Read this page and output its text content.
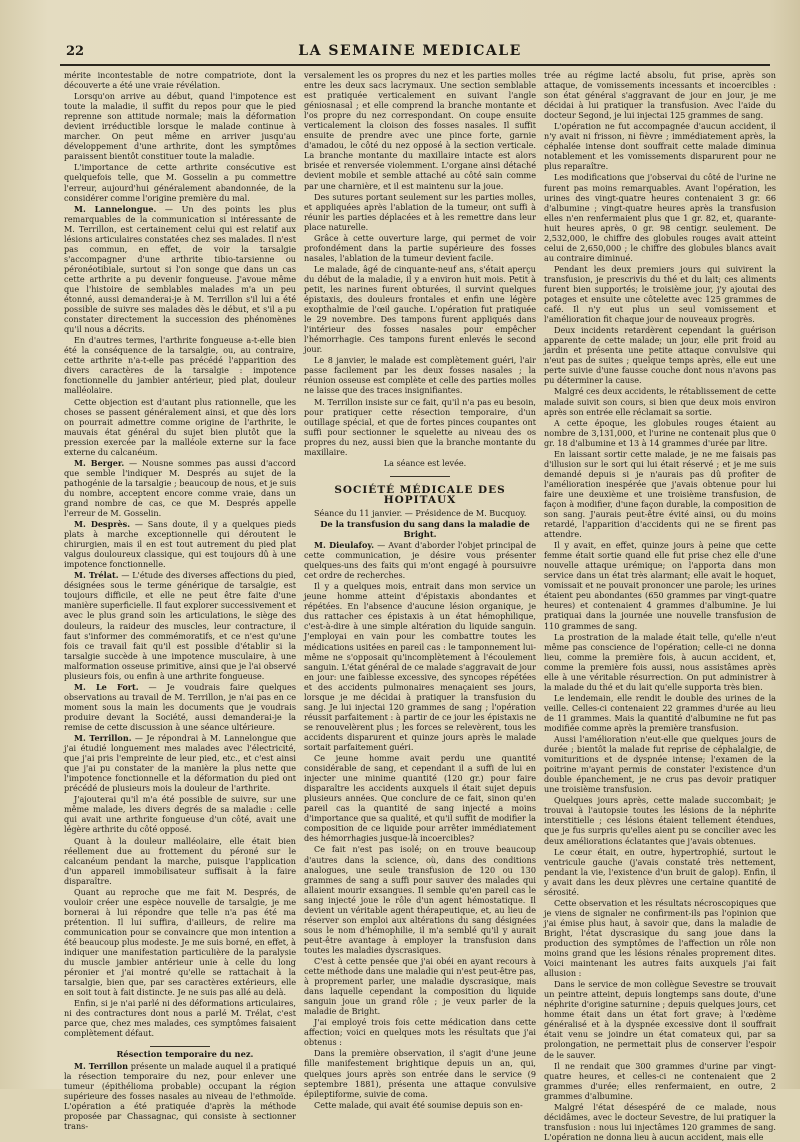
22	LA SEMAINE MEDICALE

mérite incontestable de notre compatriote, dont la découverte a été une vraie révélation.

Lorsqu'on arrive au début, quand l'impotence est toute la maladie, il suffit du repos pour que le pied reprenne son attitude normale; mais la déformation devient irréductible lorsque le malade continue à marcher. On peut même en arriver jusqu'au développement d'une arthrite, dont les symptômes paraissent bientôt constituer toute la maladie.

L'importance de cette arthrite consécutive est quelquefois telle, que M. Gosselin a pu commettre l'erreur, aujourd'hui généralement abandonnée, de la considérer comme l'origine première du mal.

M. Lannelongue. — Un des points les plus remarquables de la communication si intéressante de M. Terrillon, est certainement celui qui est relatif aux lésions articulaires constatées chez ses malades. Il n'est pas commun, en effet, de voir la tarsalgie s'accompagner d'une arthrite tibio-tarsienne ou péronéotibiale, surtout si l'on songe que dans un cas cette arthrite a pu devenir fongueuse. J'avoue même que l'histoire de semblables malades m'a un peu étonné, aussi demanderai-je à M. Terrillon s'il lui a été possible de suivre ses malades dès le début, et s'il a pu constater directement la succession des phénomènes qu'il nous a décrits.

En d'autres termes, l'arthrite fongueuse a-t-elle bien été la conséquence de la tarsalgie, ou, au contraire, cette arthrite n'a-t-elle pas précédé l'apparition des divers caractères de la tarsalgie : impotence fonctionnelle du jambier antérieur, pied plat, douleur malléolaire.

Cette objection est d'autant plus rationnelle, que les choses se passent généralement ainsi, et que dès lors on pourrait admettre comme origine de l'arthrite, le mauvais état général du sujet bien plutôt que la pression exercée par la malléole externe sur la face externe du calcanéum.

M. Berger. — Nousne sommes pas aussi d'accord que semble l'indiquer M. Després au sujet de la pathogénie de la tarsalgie ; beaucoup de nous, et je suis du nombre, acceptent encore comme vraie, dans un grand nombre de cas, ce que M. Després appelle l'erreur de M. Gosselin.

M. Desprès. — Sans doute, il y a quelques pieds plats à marche exceptionnelle qui déroutent le chirurgien, mais il en est tout autrement du pied plat valgus douloureux classique, qui est toujours dû à une impotence fonctionnelle.

M. Trélat. — L'étude des diverses affections du pied, désignées sous le terme générique de tarsalgie, est toujours difficile, et elle ne peut être faite d'une manière superficielle. Il faut explorer successivement et avec le plus grand soin les articulations, le siège des douleurs, la raideur des muscles, leur contracture, il faut s'informer des commémoratifs, et ce n'est qu'une fois ce travail fait qu'il est possible d'établir si la tarsalgie succède à une impotence musculaire, à une malformation osseuse primitive, ainsi que je l'ai observé plusieurs fois, ou enfin à une arthrite fongueuse.

M. Le Fort. — Je voudrais faire quelques observations au travail de M. Terrillon, je n'ai pas en ce moment sous la main les documents que je voudrais produire devant la Société, aussi demanderai-je la remise de cette discussion à une séance ultérieure.

M. Terrillon. — Je répondrai à M. Lannelongue que j'ai étudié longuement mes malades avec l'électricité, que j'ai pris l'empreinte de leur pied, etc., et c'est ainsi que j'ai pu constater de la manière la plus nette que l'impotence fonctionnelle et la déformation du pied ont précédé de plusieurs mois la douleur de l'arthrite.

J'ajouterai qu'il m'a été possible de suivre, sur une même malade, les divers degrés de sa maladie : celle qui avait une arthrite fongueuse d'un côté, avait une légère arthrite du côté opposé.

Quant à la douleur malléolaire, elle était bien réellement due au frottement du péroné sur le calcanéum pendant la marche, puisque l'application d'un appareil immobilisateur suffisait à la faire disparaître.

Quant au reproche que me fait M. Després, de vouloir créer une espèce nouvelle de tarsalgie, je me bornerai à lui répondre que telle n'a pas été ma prétention. Il lui suffira, d'ailleurs, de relire ma communication pour se convaincre que mon intention a été beaucoup plus modeste. Je me suis borné, en effet, à indiquer une manifestation particulière de la paralysie du muscle jambier antérieur unie à celle du long péronier et j'ai montré qu'elle se rattachait à la tarsalgie, bien que, par ses caractères extérieurs, elle en soit tout à fait distincte. Je ne suis pas allé au delà.

Enfin, si je n'ai parlé ni des déformations articulaires, ni des contractures dont nous a parlé M. Trélat, c'est parce que, chez mes malades, ces symptômes faisaient complètement défaut.

Résection temporaire du nez.

M. Terrillon présente un malade auquel il a pratiqué la résection temporaire du nez, pour enlever une tumeur (épithélioma probable) occupant la région supérieure des fosses nasales au niveau de l'ethmoïde. L'opération a été pratiquée d'après la méthode proposée par Chassagnac, qui consiste à sectionner trans-

versalement les os propres du nez et les parties molles entre les deux sacs lacrymaux. Une section semblable est pratiquée verticalement en suivant l'angle géniosnasal ; et elle comprend la branche montante et l'os propre du nez correspondant. On coupe ensuite verticalement la cloison des fosses nasales. Il suffit ensuite de prendre avec une pince forte, garnie d'amadou, le côté du nez opposé à la section verticale. La branche montante du maxillaire intacte est alors brisée et renversée violemment. L'organe ainsi détaché devient mobile et semble attaché au côté sain comme par une charnière, et il est maintenu sur la joue.

Des sutures portant seulement sur les parties molles, et appliquées après l'ablation de la tumeur, ont suffi à réunir les parties déplacées et à les remettre dans leur place naturelle.

Grâce à cette ouverture large, qui permet de voir profondément dans la partie supérieure des fosses nasales, l'ablation de la tumeur devient facile.

Le malade, âgé de cinquante-neuf ans, s'était aperçu du début de la maladie, il y a environ huit mois. Petit à petit, les narines furent obturées, il survint quelques épistaxis, des douleurs frontales et enfin une légère exopthalmie de l'œil gauche. L'opération fut pratiquée le 29 novembre. Des tampons furent appliqués dans l'intérieur des fosses nasales pour empêcher l'hémorrhagie. Ces tampons furent enlevés le second jour.

Le 8 janvier, le malade est complètement guéri, l'air passe facilement par les deux fosses nasales ; la réunion osseuse est complète et celle des parties molles ne laisse que des traces insignifiantes.

M. Terrillon insiste sur ce fait, qu'il n'a pas eu besoin, pour pratiquer cette résection temporaire, d'un outillage spécial, et que de fortes pinces coupantes ont suffi pour sectionner le squelette au niveau des os propres du nez, aussi bien que la branche montante du maxillaire.

La séance est levée.

SOCIÉTÉ MÉDICALE DES HOPITAUX

Séance du 11 janvier. — Présidence de M. Bucquoy.

De la transfusion du sang dans la maladie de Bright.

M. Dieulafoy. — Avant d'aborder l'objet principal de cette communication, je désire vous présenter quelques-uns des faits qui m'ont engagé à poursuivre cet ordre de recherches.

Il y a quelques mois, entrait dans mon service un jeune homme atteint d'épistaxis abondantes et répétées. En l'absence d'aucune lésion organique, je dus rattacher ces épistaxis à un état hémophilique, c'est-à-dire à une simple altération du liquide sanguin. J'employai en vain pour les combattre toutes les médications usitées en pareil cas : le tamponnement lui-même ne s'opposait qu'incomplètement à l'écoulement sanguin. L'état général de ce malade s'aggravait de jour en jour: une faiblesse excessive, des syncopes répétées et des accidents pulmonaires menaçaient ses jours, lorsque je me décidai à pratiquer la transfusion du sang. Je lui injectai 120 grammes de sang ; l'opération réussit parfaitement : à partir de ce jour les épistaxis ne se renouvelèrent plus ; les forces se relevèrent, tous les accidents disparurent et quinze jours après le malade sortait parfaitement guéri.

Ce jeune homme avait perdu une quantité considérable de sang, et cependant il a suffi de lui en injecter une minime quantité (120 gr.) pour faire disparaître les accidents auxquels il était sujet depuis plusieurs années. Que conclure de ce fait, sinon qu'en pareil cas la quantité de sang injecté a moins d'importance que sa qualité, et qu'il suffit de modifier la composition de ce liquide pour arrêter immédiatement des hémorrhagies jusque-là incoercibles?

Ce fait n'est pas isolé; on en trouve beaucoup d'autres dans la science, où, dans des conditions analogues, une seule transfusion de 120 ou 130 grammes de sang a suffi pour sauver des malades qui allaient mourir exsangues. Il semble qu'en pareil cas le sang injecté joue le rôle d'un agent hémostatique. Il devient un véritable agent thérapeutique, et, au lieu de réserver son emploi aux altérations du sang désignées sous le nom d'hémophilie, il m'a semblé qu'il y aurait peut-être avantage à employer la transfusion dans toutes les maladies dyscrasiques.

C'est à cette pensée que j'ai obéi en ayant recours à cette méthode dans une maladie qui n'est peut-être pas, à proprement parler, une maladie dyscrasique, mais dans laquelle cependant la composition du liquide sanguin joue un grand rôle ; je veux parler de la maladie de Bright.

J'ai employé trois fois cette médication dans cette affection; voici en quelques mots les résultats que j'ai obtenus :

Dans la première observation, il s'agit d'une jeune fille manifestement brightique depuis un an, qui, quelques jours après son entrée dans le service (9 septembre 1881), présenta une attaque convulsive épileptiforme, suivie de coma.

Cette malade, qui avait été soumise depuis son en-

trée au régime lacté absolu, fut prise, après son attaque, de vomissements incessants et incoercibles : son état général s'aggravant de jour en jour, je me décidai à lui pratiquer la transfusion. Avec l'aide du docteur Segond, je lui injectai 125 grammes de sang.

L'opération ne fut accompagnée d'aucun accident, il n'y avait ni frisson, ni fièvre ; immédiatement après, la céphalée intense dont souffrait cette malade diminua notablement et les vomissements disparurent pour ne plus reparaître.

Les modifications que j'observai du côté de l'urine ne furent pas moins remarquables. Avant l'opération, les urines des vingt-quatre heures contenaient 3 gr. 66 d'albumine ; vingt-quatre heures après la transfusion elles n'en renfermaient plus que 1 gr. 82, et, quarante-huit heures après, 0 gr. 98 centigr. seulement. De 2,532,000, le chiffre des globules rouges avait atteint celui de 2,650,000 ; le chiffre des globules blancs avait au contraire diminué.

Pendant les deux premiers jours qui suivirent la transfusion, je prescrivis du thé et du lait; ces aliments furent bien supportés; le troisième jour, j'y ajoutai des potages et ensuite une côtelette avec 125 grammes de café. Il n'y eut plus un seul vomissement et l'amélioration fit chaque jour de nouveaux progrès.

Deux incidents retardèrent cependant la guérison apparente de cette malade; un jour, elle prit froid au jardin et présenta une petite attaque convulsive qui n'eut pas de suites ; quelque temps après, elle eut une perte suivie d'une fausse couche dont nous n'avons pas pu déterminer la cause.

Malgré ces deux accidents, le rétablissement de cette malade suivit son cours, si bien que deux mois environ après son entrée elle réclamait sa sortie.

A cette époque, les globules rouges étaient au nombre de 3,131,000, et l'urine ne contenait plus que 0 gr. 18 d'albumine et 13 à 14 grammes d'urée par litre.

En laissant sortir cette malade, je ne me faisais pas d'illusion sur le sort qui lui était réservé ; et je me suis demandé depuis si je n'aurais pas dû profiter de l'amélioration inespérée que j'avais obtenue pour lui faire une deuxième et une troisième transfusion, de façon à modifier, d'une façon durable, la composition de son sang. J'aurais peut-être évité ainsi, ou du moins retardé, l'apparition d'accidents qui ne se firent pas attendre.

Il y avait, en effet, quinze jours à peine que cette femme était sortie quand elle fut prise chez elle d'une nouvelle attaque urémique; on l'apporta dans mon service dans un état très alarmant; elle avait le hoquet, vomissait et ne pouvait prononcer une parole; les urines étaient peu abondantes (650 grammes par vingt-quatre heures) et contenaient 4 grammes d'albumine. Je lui pratiquai dans la journée une nouvelle transfusion de 110 grammes de sang.

La prostration de la malade était telle, qu'elle n'eut même pas conscience de l'opération; celle-ci ne donna lieu, comme la première fois, à aucun accident, et, comme la première fois aussi, nous assistâmes après elle à une véritable résurrection. On put administrer à la malade du thé et du lait qu'elle supporta très bien.

Le lendemain, elle rendit le double des urines de la veille. Celles-ci contenaient 22 grammes d'urée au lieu de 11 grammes. Mais la quantité d'albumine ne fut pas modifiée comme après la première transfusion.

Aussi l'amélioration n'eut-elle que quelques jours de durée ; bientôt la malade fut reprise de céphalalgie, de vomituritions et de dyspnée intense; l'examen de la poitrine m'ayant permis de constater l'existence d'un double épanchement, je ne crus pas devoir pratiquer une troisième transfusion.

Quelques jours après, cette malade succombait; je trouvai à l'autopsie toutes les lésions de la néphrite interstitielle ; ces lésions étaient tellement étendues, que je fus surpris qu'elles aient pu se concilier avec les deux améliorations éclatantes que j'avais obtenues.

Le cœur était, en outre, hypertrophié, surtout le ventricule gauche (j'avais constaté très nettement, pendant la vie, l'existence d'un bruit de galop). Enfin, il y avait dans les deux plèvres une certaine quantité de sérosité.

Cette observation et les résultats nécroscopiques que je viens de signaler ne confirment-ils pas l'opinion que j'ai émise plus haut, à savoir que, dans la maladie de Bright, l'état dyscrasique du sang joue dans la production des symptômes de l'affection un rôle non moins grand que les lésions rénales proprement dites. Voici maintenant les autres faits auxquels j'ai fait allusion :

Dans le service de mon collègue Sevestre se trouvait un peintre atteint, depuis longtemps sans doute, d'une néphrite d'origine saturnine ; depuis quelques jours, cet homme était dans un état fort grave; à l'œdème généralisé et à la dyspnée excessive dont il souffrait était venu se joindre un état comateux qui, par sa prolongation, ne permettait plus de conserver l'espoir de le sauver.

Il ne rendait que 300 grammes d'urine par vingt-quatre heures, et celles-ci ne contenaient que 2 grammes d'urée; elles renfermaient, en outre, 2 grammes d'albumine.

Malgré l'état désespéré de ce malade, nous décidâmes, avec le docteur Sevestre, de lui pratiquer la transfusion : nous lui injectâmes 120 grammes de sang. L'opération ne donna lieu à aucun accident, mais elle
